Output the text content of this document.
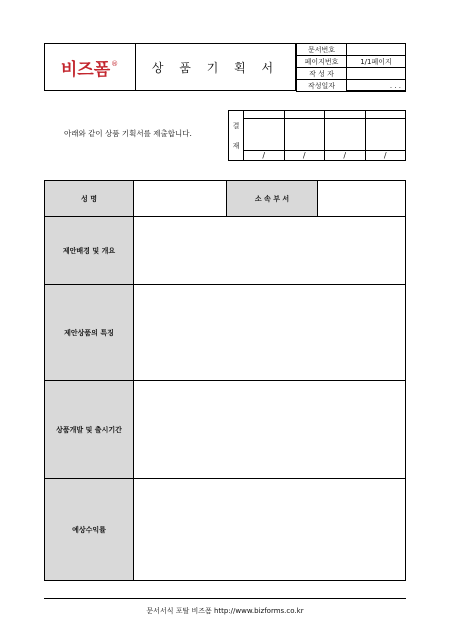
비즈폼 ®	상 품 기 획 서
문서번호	
페이지번호	1/1페이지
작 성 자	
작성일자	. . .
아래와 같이 상품 기획서를 제출합니다.
결
재				

	/	/	/	/
성 명		소 속 부 서	
제안배경 및 개요			
제안상품의 특징			
상품개발 및 출시기간			
예상수익률			
문서서식 포탈 비즈폼 http://www.bizforms.co.kr
